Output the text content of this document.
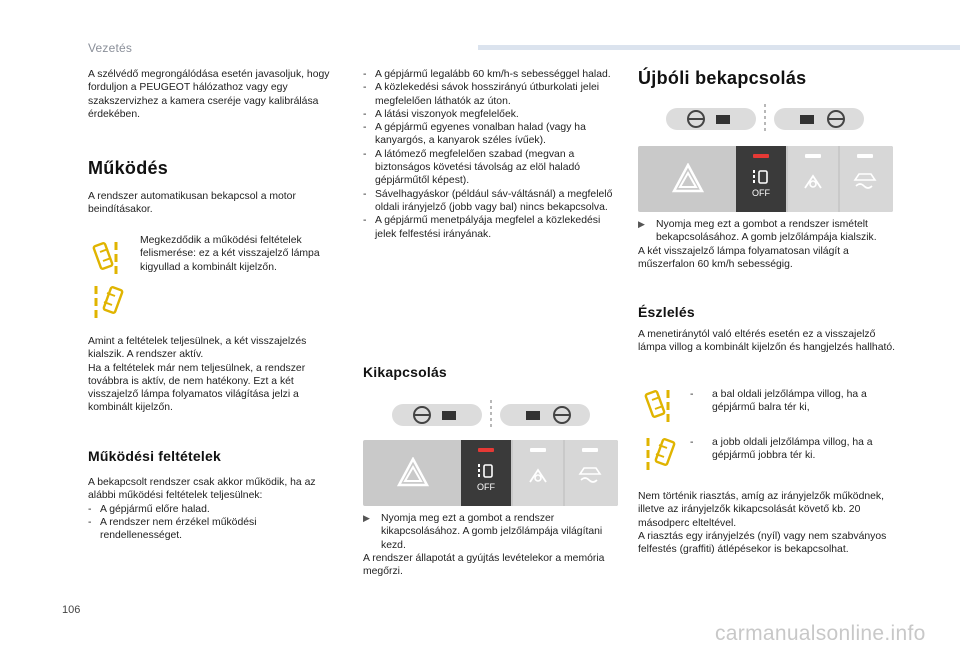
Vezetés
A szélvédő megrongálódása esetén javasoljuk, hogy forduljon a PEUGEOT hálózathoz vagy egy szakszervizhez a kamera cseréje vagy kalibrálása érdekében.
Működés
A rendszer automatikusan bekapcsol a motor beindításakor.
Megkezdődik a működési feltételek felismerése: ez a két visszajelző lámpa kigyullad a kombinált kijelzőn.

Amint a feltételek teljesülnek, a két visszajelzés kialszik. A rendszer aktív.

Ha a feltételek már nem teljesülnek, a rendszer továbbra is aktív, de nem hatékony. Ezt a két visszajelző lámpa folyamatos világítása jelzi a kombinált kijelzőn.

Működési feltételek

A bekapcsolt rendszer csak akkor működik, ha az alábbi működési feltételek teljesülnek:

- A gépjármű előre halad.
- A rendszer nem érzékel működési rendellenességet.
- A gépjármű legalább 60 km/h-s sebességgel halad.
- A közlekedési sávok hosszirányú útburkolati jelei megfelelően láthatók az úton.
- A látási viszonyok megfelelőek.
- A gépjármű egyenes vonalban halad (vagy ha kanyargós, a kanyarok széles ívűek).
- A látómező megfelelően szabad (megvan a biztonságos követési távolság az elöl haladó gépjárműtől képest).
- Sávelhagyáskor (például sáv-váltásnál) a megfelelő oldali irányjelző (jobb vagy bal) nincs bekapcsolva.
- A gépjármű menetpályája megfelel a közlekedési jelek felfestési irányának.
Kikapcsolás
OFF
▶︎	Nyomja meg ezt a gombot a rendszer kikapcsolásához. A gomb jelzőlámpája világítani kezd.

A rendszer állapotát a gyújtás levételekor a memória megőrzi.

Újbóli bekapcsolás
OFF
▶︎	Nyomja meg ezt a gombot a rendszer ismételt bekapcsolásához. A gomb jelzőlámpája kialszik.

A két visszajelző lámpa folyamatosan világít a műszerfalon 60 km/h sebességig.

Észlelés
A menetiránytól való eltérés esetén ez a visszajelző lámpa villog a kombinált kijelzőn és hangjelzés hallható.
-	a bal oldali jelzőlámpa villog, ha a gépjármű balra tér ki,
-	a jobb oldali jelzőlámpa villog, ha a gépjármű jobbra tér ki.

Nem történik riasztás, amíg az irányjelzők működnek, illetve az irányjelzők kikapcsolását követő kb. 20 másodperc elteltével.

A riasztás egy irányjelzés (nyíl) vagy nem szabványos felfestés (graffiti) átlépésekor is bekapcsolhat.

106
carmanualsonline.info
